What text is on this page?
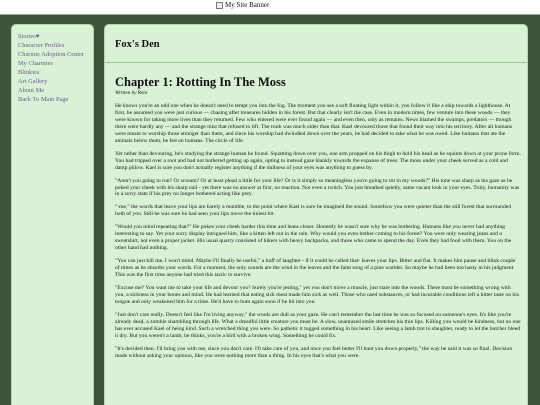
My Site Banner
Stories♥
Character Profiles
Charmie Adoption Center
My Charmies
Blinkies
Art Gallery
About Me
Back To Main Page
Fox's Den
Chapter 1: Rotting In The Moss
Written by Rem

He knows you're an odd one when he doesn't need to tempt you into the fog. The moment you see a soft floating light within it, you follow it like a ship towards a lighthouse. At first, he assumed you were just curious — chasing after treasures hidden in his forest. But that clearly isn't the case. Even in modern times, few venture into these woods — they were known for taking more lives than they returned. Few who entered were ever found again — and even then, only as remains. News blamed the swamps, predators — though there were hardly any — and the strange mist that refused to lift. The truth was much older than that. Kael devoured those that found their way into his territory. After all humans were meant to worship those stronger than them, and since his worship had dwindled down over the years, he had decided to take what he was owed. Like humans that ate the animals below them, he fed on humans. The circle of life.

Yet rather than devouring, he's studying the strange human he found. Squatting down over you, one arm propped on his thigh to hold his head as he squints down at your prone form. You had tripped over a root and had not bothered getting up again, opting to instead gaze blankly towards the expanse of trees. The moss under your cheek served as a cold and damp pillow. Kael is sure you don't actually register anything if the dullness of your eyes was anything to guess by.

"Aren't you going to run? Or scream? Or at least plead a little for your life? Or is it simply so meaningless you're going to rot in my woods?" His tone was sharp as his gaze as he poked your cheek with his sharp nail - yet there was no answer at first, no reaction. Not even a twitch. You just breathed quietly, same vacant look in your eyes. Truly, humanity was in a sorry state if his prey no longer bothered acting like prey.

"-me," the words that leave your lips are barely a mumble, to the point where Kael is sure he imagined the sound. Somehow you were quieter than the still forest that surrounded both of you. Still he was sure he had seen your lips move the tiniest bit.

"Would you mind repeating that?" He pokes your cheek harder this time and leans closer. Honestly he wasn't sure why he was bothering. Humans like you never had anything interesting to say. Yet your sorry display intrigued him, like a kitten left out in the rain. Why would you even bother coming to his forest? You were only wearing jeans and a sweatshirt, not even a proper jacket. His usual quarry consisted of hikers with heavy backpacks, and those who came to spend the day. Even they had food with them. You on the other hand had nothing.

"You can just kill me, I won't mind. Maybe I'll finally be useful," a huff of laughter - if it could be called that- leaves your lips. Bitter and flat. It makes him pause and blink couple of times as he absorbs your words. For a moment, the only sounds are the wind in the leaves and the faint song of a pine warbler. So maybe he had been too hasty in his judgment. This was the first time anyone had tried this tactic to survive.

"Excuse me? You want me to take your life and devour you? Surely you're jesting," yet you don't move a muscle, just stare into the woods. There must be something wrong with you, a sickness in your bones and mind. He had learned that eating sick meat made him sick as well. Those who used substances, or had incurable conditions left a bitter taste on his tongue and only weakened him for a time. He'd have to hunt again soon if he bit into you.

"Just don't care really. Doesn't feel like I'm living anyway," the words are dull as your gaze. He can't remember the last time he was so focused on someone's eyes. It's like you're already dead, a zombie shambling through life. What a dreadful little creature you must be. A slow, unamused smile stretches his thin lips. Killing you would be kindness, but no one has ever accused Kael of being kind. Such a wretched thing you were. So pathetic it tugged something in his heart. Like seeing a lamb trot to slaughter, ready to let the butcher bleed it dry. But you weren't a lamb, he thinks, you're a bird with a broken wing. Something he could fix.

"It's decided then. I'll bring you with me, since you don't care. I'll take care of you, and once you feel better I'll hunt you down properly," the way he said it was so final. Decision made without asking your opinion, like you were nothing more than a thing. In his eyes that's what you were.
